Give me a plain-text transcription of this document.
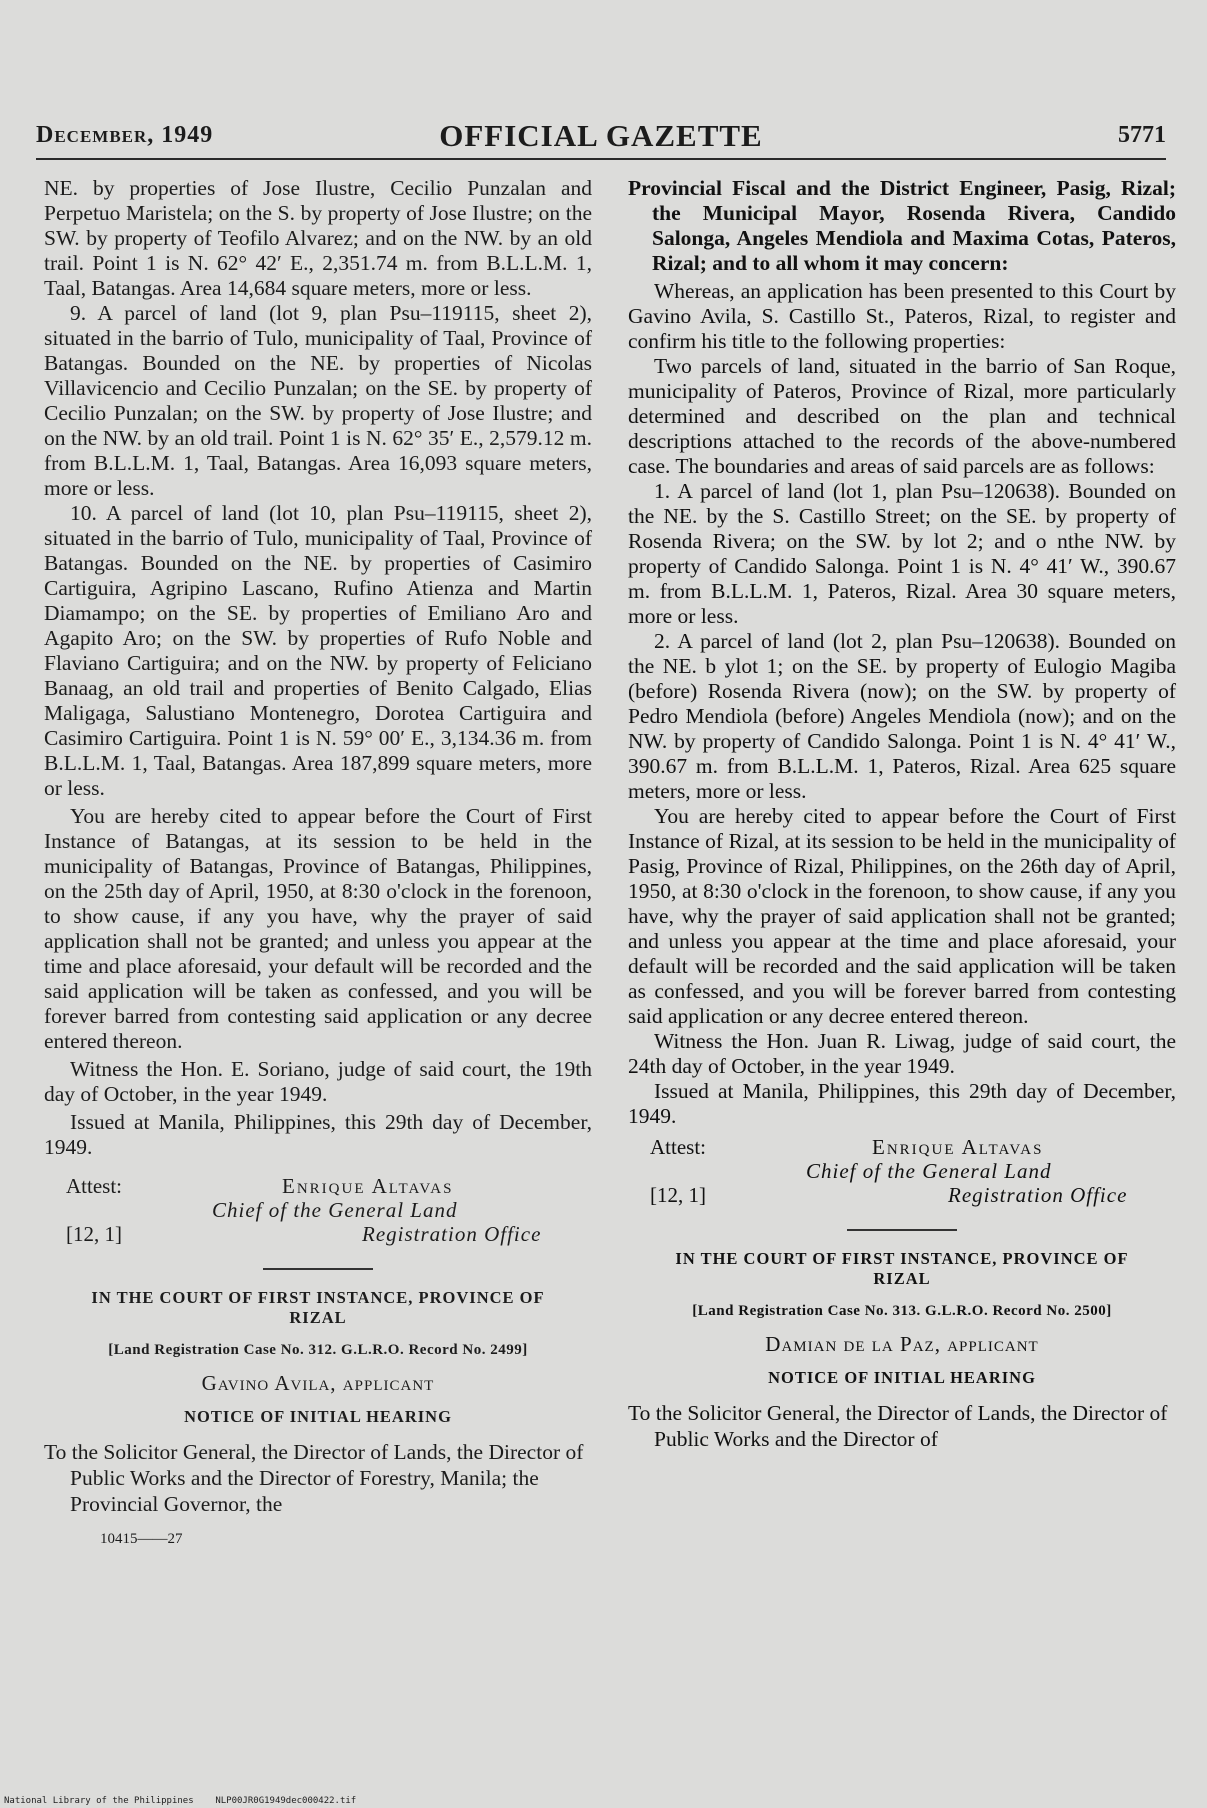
December, 1949	OFFICIAL GAZETTE	5771

NE. by properties of Jose Ilustre, Cecilio Punzalan and Perpetuo Maristela; on the S. by property of Jose Ilustre; on the SW. by property of Teofilo Alvarez; and on the NW. by an old trail. Point 1 is N. 62° 42′ E., 2,351.74 m. from B.L.L.M. 1, Taal, Batangas. Area 14,684 square meters, more or less.

9. A parcel of land (lot 9, plan Psu–119115, sheet 2), situated in the barrio of Tulo, municipality of Taal, Province of Batangas. Bounded on the NE. by properties of Nicolas Villavicencio and Cecilio Punzalan; on the SE. by property of Cecilio Punzalan; on the SW. by property of Jose Ilustre; and on the NW. by an old trail. Point 1 is N. 62° 35′ E., 2,579.12 m. from B.L.L.M. 1, Taal, Batangas. Area 16,093 square meters, more or less.

10. A parcel of land (lot 10, plan Psu–119115, sheet 2), situated in the barrio of Tulo, municipality of Taal, Province of Batangas. Bounded on the NE. by properties of Casimiro Cartiguira, Agripino Lascano, Rufino Atienza and Martin Diamampo; on the SE. by properties of Emiliano Aro and Agapito Aro; on the SW. by properties of Rufo Noble and Flaviano Cartiguira; and on the NW. by property of Feliciano Banaag, an old trail and properties of Benito Calgado, Elias Maligaga, Salustiano Montenegro, Dorotea Cartiguira and Casimiro Cartiguira. Point 1 is N. 59° 00′ E., 3,134.36 m. from B.L.L.M. 1, Taal, Batangas. Area 187,899 square meters, more or less.

You are hereby cited to appear before the Court of First Instance of Batangas, at its session to be held in the municipality of Batangas, Province of Batangas, Philippines, on the 25th day of April, 1950, at 8:30 o'clock in the forenoon, to show cause, if any you have, why the prayer of said application shall not be granted; and unless you appear at the time and place aforesaid, your default will be recorded and the said application will be taken as confessed, and you will be forever barred from contesting said application or any decree entered thereon.

Witness the Hon. E. Soriano, judge of said court, the 19th day of October, in the year 1949.

Issued at Manila, Philippines, this 29th day of December, 1949.

Attest:	Enrique Altavas
Chief of the General Land
[12, 1]	Registration Office
IN THE COURT OF FIRST INSTANCE, PROVINCE OF RIZAL
[Land Registration Case No. 312. G.L.R.O. Record No. 2499]
Gavino Avila, applicant
NOTICE OF INITIAL HEARING
To the Solicitor General, the Director of Lands, the Director of Public Works and the Director of Forestry, Manila; the Provincial Governor, the
10415——27

Provincial Fiscal and the District Engineer, Pasig, Rizal; the Municipal Mayor, Rosenda Rivera, Candido Salonga, Angeles Mendiola and Maxima Cotas, Pateros, Rizal; and to all whom it may concern:

Whereas, an application has been presented to this Court by Gavino Avila, S. Castillo St., Pateros, Rizal, to register and confirm his title to the following properties:

Two parcels of land, situated in the barrio of San Roque, municipality of Pateros, Province of Rizal, more particularly determined and described on the plan and technical descriptions attached to the records of the above-numbered case. The boundaries and areas of said parcels are as follows:

1. A parcel of land (lot 1, plan Psu–120638). Bounded on the NE. by the S. Castillo Street; on the SE. by property of Rosenda Rivera; on the SW. by lot 2; and o nthe NW. by property of Candido Salonga. Point 1 is N. 4° 41′ W., 390.67 m. from B.L.L.M. 1, Pateros, Rizal. Area 30 square meters, more or less.

2. A parcel of land (lot 2, plan Psu–120638). Bounded on the NE. b ylot 1; on the SE. by property of Eulogio Magiba (before) Rosenda Rivera (now); on the SW. by property of Pedro Mendiola (before) Angeles Mendiola (now); and on the NW. by property of Candido Salonga. Point 1 is N. 4° 41′ W., 390.67 m. from B.L.L.M. 1, Pateros, Rizal. Area 625 square meters, more or less.

You are hereby cited to appear before the Court of First Instance of Rizal, at its session to be held in the municipality of Pasig, Province of Rizal, Philippines, on the 26th day of April, 1950, at 8:30 o'clock in the forenoon, to show cause, if any you have, why the prayer of said application shall not be granted; and unless you appear at the time and place aforesaid, your default will be recorded and the said application will be taken as confessed, and you will be forever barred from contesting said application or any decree entered thereon.

Witness the Hon. Juan R. Liwag, judge of said court, the 24th day of October, in the year 1949.

Issued at Manila, Philippines, this 29th day of December, 1949.

Attest:	Enrique Altavas
Chief of the General Land
[12, 1]	Registration Office
IN THE COURT OF FIRST INSTANCE, PROVINCE OF RIZAL
[Land Registration Case No. 313. G.L.R.O. Record No. 2500]
Damian de la Paz, applicant
NOTICE OF INITIAL HEARING
To the Solicitor General, the Director of Lands, the Director of Public Works and the Director of
National Library of the Philippines NLP00JR0G1949dec000422.tif
